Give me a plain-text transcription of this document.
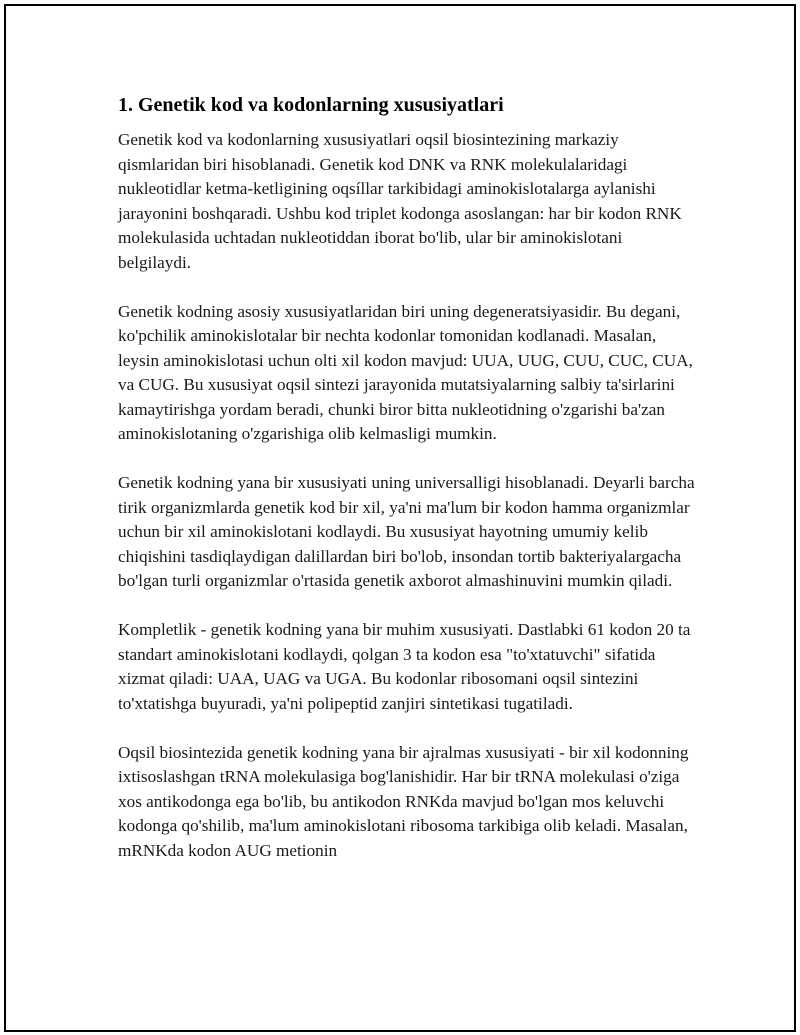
1. Genetik kod va kodonlarning xususiyatlari

Genetik kod va kodonlarning xususiyatlari oqsil biosintezining markaziy qismlaridan biri hisoblanadi. Genetik kod DNK va RNK molekulalaridagi nukleotidlar ketma-ketligining oqsíllar tarkibidagi aminokislotalarga aylanishi jarayonini boshqaradi. Ushbu kod triplet kodonga asoslangan: har bir kodon RNK molekulasida uchtadan nukleotiddan iborat bo'lib, ular bir aminokislotani belgilaydi.

Genetik kodning asosiy xususiyatlaridan biri uning degeneratsiyasidir. Bu degani, ko'pchilik aminokislotalar bir nechta kodonlar tomonidan kodlanadi. Masalan, leysin aminokislotasi uchun olti xil kodon mavjud: UUA, UUG, CUU, CUC, CUA, va CUG. Bu xususiyat oqsil sintezi jarayonida mutatsiyalarning salbiy ta'sirlarini kamaytirishga yordam beradi, chunki biror bitta nukleotidning o'zgarishi ba'zan aminokislotaning o'zgarishiga olib kelmasligi mumkin.

Genetik kodning yana bir xususiyati uning universalligi hisoblanadi. Deyarli barcha tirik organizmlarda genetik kod bir xil, ya'ni ma'lum bir kodon hamma organizmlar uchun bir xil aminokislotani kodlaydi. Bu xususiyat hayotning umumiy kelib chiqishini tasdiqlaydigan dalillardan biri bo'lob, insondan tortib bakteriyalargacha bo'lgan turli organizmlar o'rtasida genetik axborot almashinuvini mumkin qiladi.

Kompletlik - genetik kodning yana bir muhim xususiyati. Dastlabki 61 kodon 20 ta standart aminokislotani kodlaydi, qolgan 3 ta kodon esa "to'xtatuvchi" sifatida xizmat qiladi: UAA, UAG va UGA. Bu kodonlar ribosomani oqsil sintezini to'xtatishga buyuradi, ya'ni polipeptid zanjiri sintetikasi tugatiladi.

Oqsil biosintezida genetik kodning yana bir ajralmas xususiyati - bir xil kodonning ixtisoslashgan tRNA molekulasiga bog'lanishidir. Har bir tRNA molekulasi o'ziga xos antikodonga ega bo'lib, bu antikodon RNKda mavjud bo'lgan mos keluvchi kodonga qo'shilib, ma'lum aminokislotani ribosoma tarkibiga olib keladi. Masalan, mRNKda kodon AUG metionin
